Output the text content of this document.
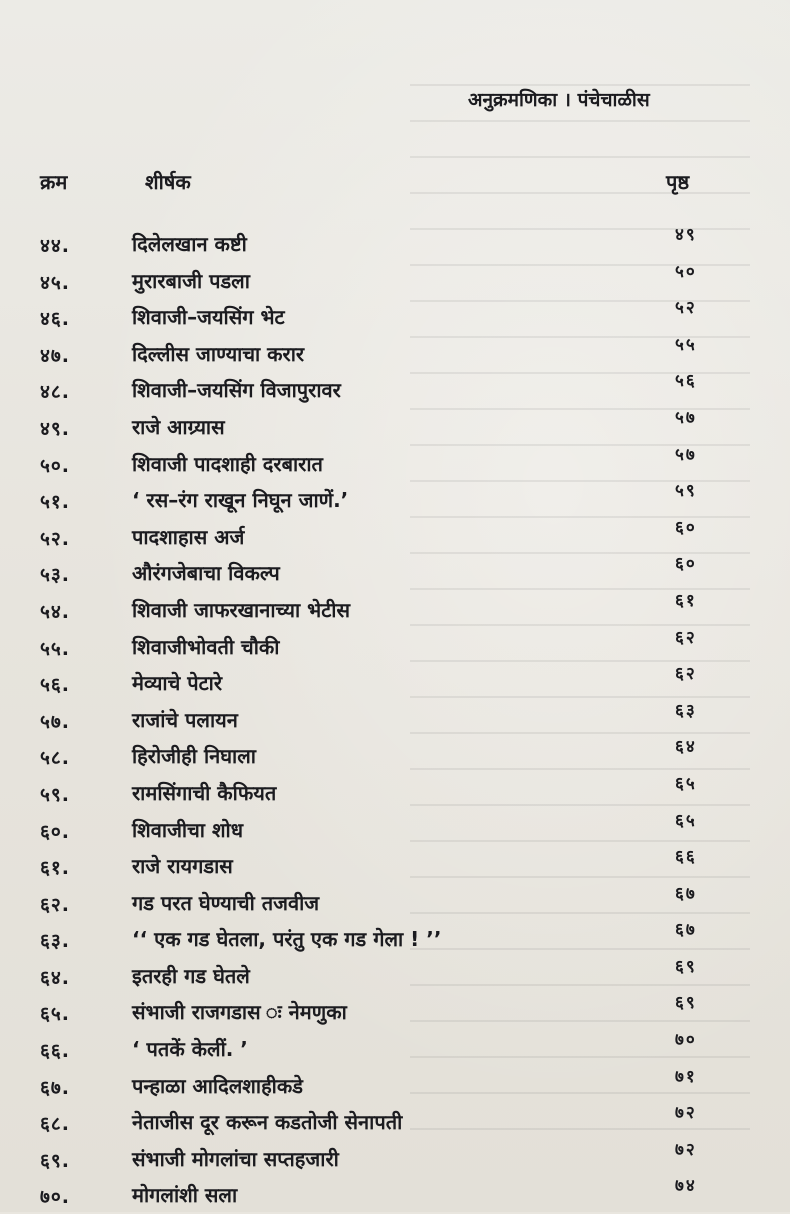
अनुक्रमणिका । पंचेचाळीस
क्रम	शीर्षक	पृष्ठ
४४.	दिलेलखान कष्टी	४९
४५.	मुरारबाजी पडला	५०
४६.	शिवाजी–जयसिंग भेट	५२
४७.	दिल्लीस जाण्याचा करार	५५
४८.	शिवाजी–जयसिंग विजापुरावर	५६
४९.	राजे आग्र्यास	५७
५०.	शिवाजी पादशाही दरबारात	५७
५१.	‘ रस–रंग राखून निघून जाणें.’	५९
५२.	पादशाहास अर्ज	६०
५३.	औरंगजेबाचा विकल्प	६०
५४.	शिवाजी जाफरखानाच्या भेटीस	६१
५५.	शिवाजीभोवती चौकी	६२
५६.	मेव्याचे पेटारे	६२
५७.	राजांचे पलायन	६३
५८.	हिरोजीही निघाला	६४
५९.	रामसिंगाची कैफियत	६५
६०.	शिवाजीचा शोध	६५
६१.	राजे रायगडास	६६
६२.	गड परत घेण्याची तजवीज	६७
६३.	‘‘ एक गड घेतला, परंतु एक गड गेला ! ’’	६७
६४.	इतरही गड घेतले	६९
६५.	संभाजी राजगडास ः नेमणुका	६९
६६.	‘ पतकें केलीं. ’	७०
६७.	पन्हाळा आदिलशाहीकडे	७१
६८.	नेताजीस दूर करून कडतोजी सेनापती	७२
६९.	संभाजी मोगलांचा सप्तहजारी	७२
७०.	मोगलांशी सला	७४
